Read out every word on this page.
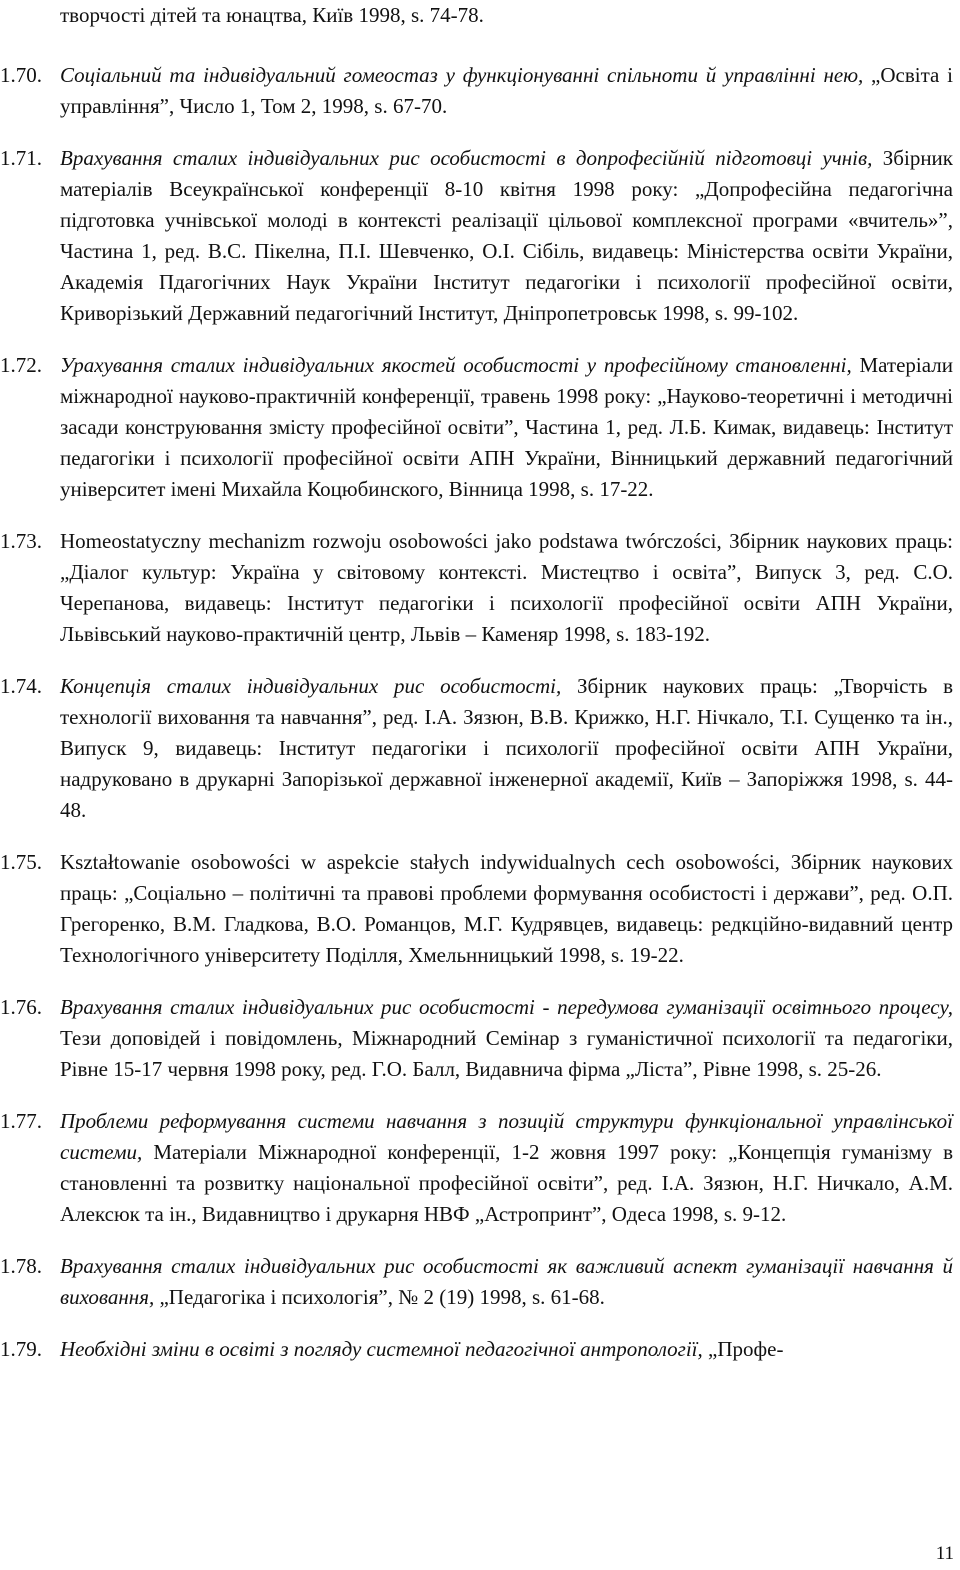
творчості дітей та юнацтва, Київ 1998, s. 74-78.
1.70. Соціальний та індивідуальний гомеостаз у функціонуванні спільноти й управлінні нею, „Освіта і управління”, Число 1, Том 2, 1998, s. 67-70.
1.71. Врахування сталих індивідуальних рис особистості в допрофесійній підготовці учнів, Збірник матеріалів Всеукраїнської конференції 8-10 квітня 1998 року: „Допрофесійна педагогічна підготовка учнівської молоді в контексті реалізації цільової комплексної програми «вчитель»”, Частина 1, ред. В.С. Пікелна, П.І. Шевченко, О.І. Сібіль, видавець: Міністерства освіти України, Академія Пдагогічних Наук України Інститут педагогіки і психології професійної освіти, Криворізький Державний педагогічний Інститут, Дніпропетровськ 1998, s. 99-102.
1.72. Урахування сталих індивідуальних якостей особистості у професійному становленні, Матеріали міжнародної науково-практичній конференції, травень 1998 року: „Науково-теоретичні і методичні засади конструювання змісту професійної освіти”, Частина 1, ред. Л.Б. Кимак, видавець: Інститут педагогіки і психології професійної освіти АПН України, Вінницький державний педагогічний університет імені Михайла Коцюбинского, Вінница 1998, s. 17-22.
1.73. Homeostatyczny mechanizm rozwoju osobowości jako podstawa twórczości, Збірник наукових праць: „Діалог культур: Україна у світовому контексті. Мистецтво і освіта”, Випуск 3, ред. С.О. Черепанова, видавець: Інститут педагогіки і психології професійної освіти АПН України, Львівський науково-практичній центр, Львів – Каменяр 1998, s. 183-192.
1.74. Концепція сталих індивідуальних рис особистості, Збірник наукових праць: „Творчість в технології виховання та навчання”, ред. І.А. Зязюн, В.В. Крижко, Н.Г. Нічкало, Т.І. Сущенко та ін., Випуск 9, видавець: Інститут педагогіки і психології професійної освіти АПН України, надруковано в друкарні Запорізької державної інженерної академії, Київ – Запоріжжя 1998, s. 44-48.
1.75. Kształtowanie osobowości w aspekcie stałych indywidualnych cech osobowości, Збірник наукових праць: „Соціально – політичні та правові проблеми формування особистості і держави”, ред. О.П. Грегоренко, В.М. Гладкова, В.О. Романцов, М.Г. Кудрявцев, видавець: редкційно-видавний центр Технологічного університету Поділля, Хмельнницький 1998, s. 19-22.
1.76. Врахування сталих індивідуальних рис особистості - передумова гуманізації освітнього процесу, Тези доповідей і повідомлень, Міжнародний Семінар з гуманістичної психології та педагогіки, Рівне 15-17 червня 1998 року, ред. Г.О. Балл, Видавнича фірма „Ліста”, Рівне 1998, s. 25-26.
1.77. Проблеми реформування системи навчання з позицій структури функціональної управлінської системи, Матеріали Міжнародної конференції, 1-2 жовня 1997 року: „Концепція гуманізму в становленні та розвитку національної професійної освіти”, ред. І.А. Зязюн, Н.Г. Ничкало, А.М. Алексюк та ін., Видавництво і друкарня НВФ „Астропринт”, Одеса 1998, s. 9-12.
1.78. Врахування сталих індивідуальних рис особистості як важливий аспект гуманізації навчання й виховання, „Педагогіка і психологія”, № 2 (19) 1998, s. 61-68.
1.79. Необхідні зміни в освіті з погляду системної педагогічної антропології, „Профе-
11
